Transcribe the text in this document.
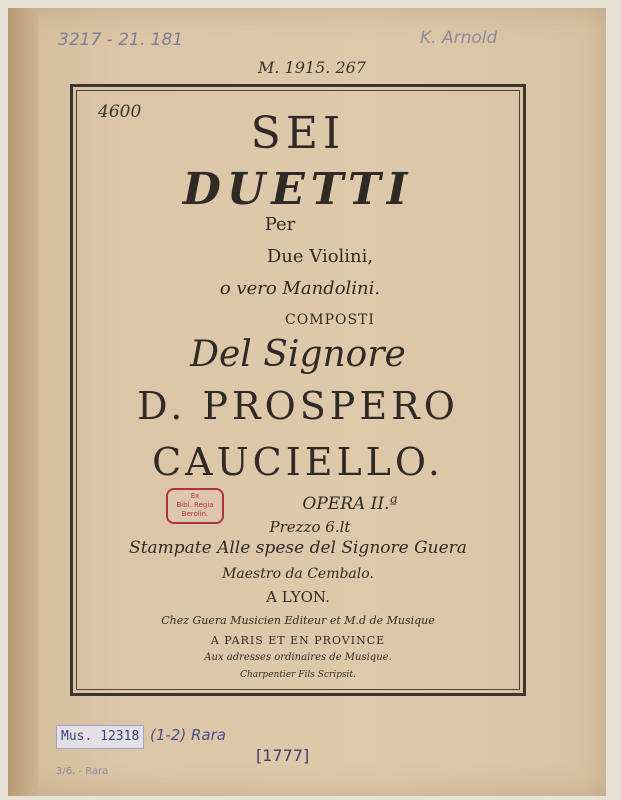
3217 - 21. 181	K. Arnold
M. 1915. 267
4600	SEI
DUETTI
Per
Due Violini,
o vero Mandolini.
COMPOSTI
Del Signore
D. PROSPERO
CAUCIELLO.
OPERA II.ª
Prezzo 6.lt
Stampate Alle spese del Signore Guera
Maestro da Cembalo.
A LYON.
Chez Guera Musicien Editeur et M.d de Musique
A PARIS ET EN PROVINCE
Aux adresses ordinaires de Musique.
Charpentier Fils Scripsit.
Ex
Bibl. Regia
Berolin.
Mus. 12318 (1-2) Rara
[1777]
3/6. - Rara
